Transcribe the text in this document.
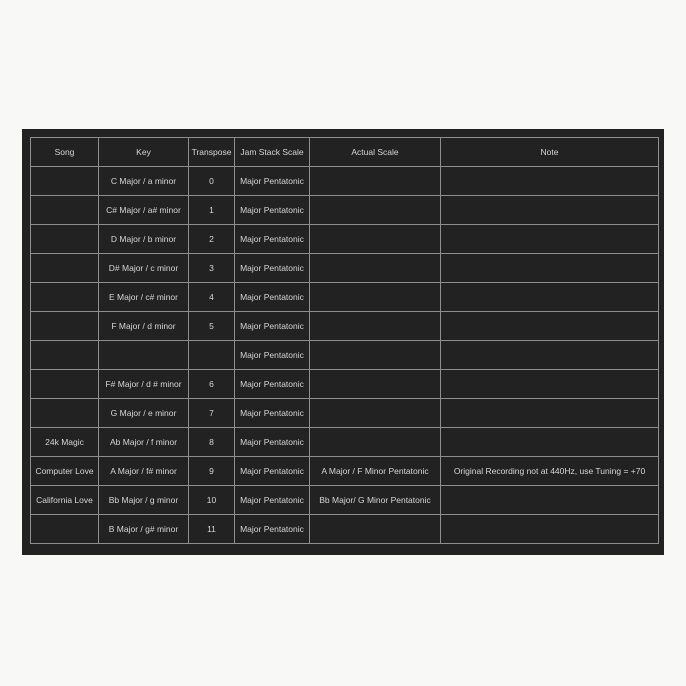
Song	Key	Transpose	Jam Stack Scale	Actual Scale	Note
	C Major / a minor	0	Major Pentatonic		
	C# Major / a# minor	1	Major Pentatonic		
	D Major / b minor	2	Major Pentatonic		
	D# Major / c minor	3	Major Pentatonic		
	E Major / c# minor	4	Major Pentatonic		
	F Major / d minor	5	Major Pentatonic		
			Major Pentatonic		
	F# Major / d # minor	6	Major Pentatonic		
	G Major / e minor	7	Major Pentatonic		
24k Magic	Ab Major / f minor	8	Major Pentatonic		
Computer Love	A Major / f# minor	9	Major Pentatonic	A Major / F Minor Pentatonic	Original Recording not at 440Hz, use Tuning = +70
California Love	Bb Major / g minor	10	Major Pentatonic	Bb Major/ G Minor Pentatonic	
	B Major / g# minor	11	Major Pentatonic		
